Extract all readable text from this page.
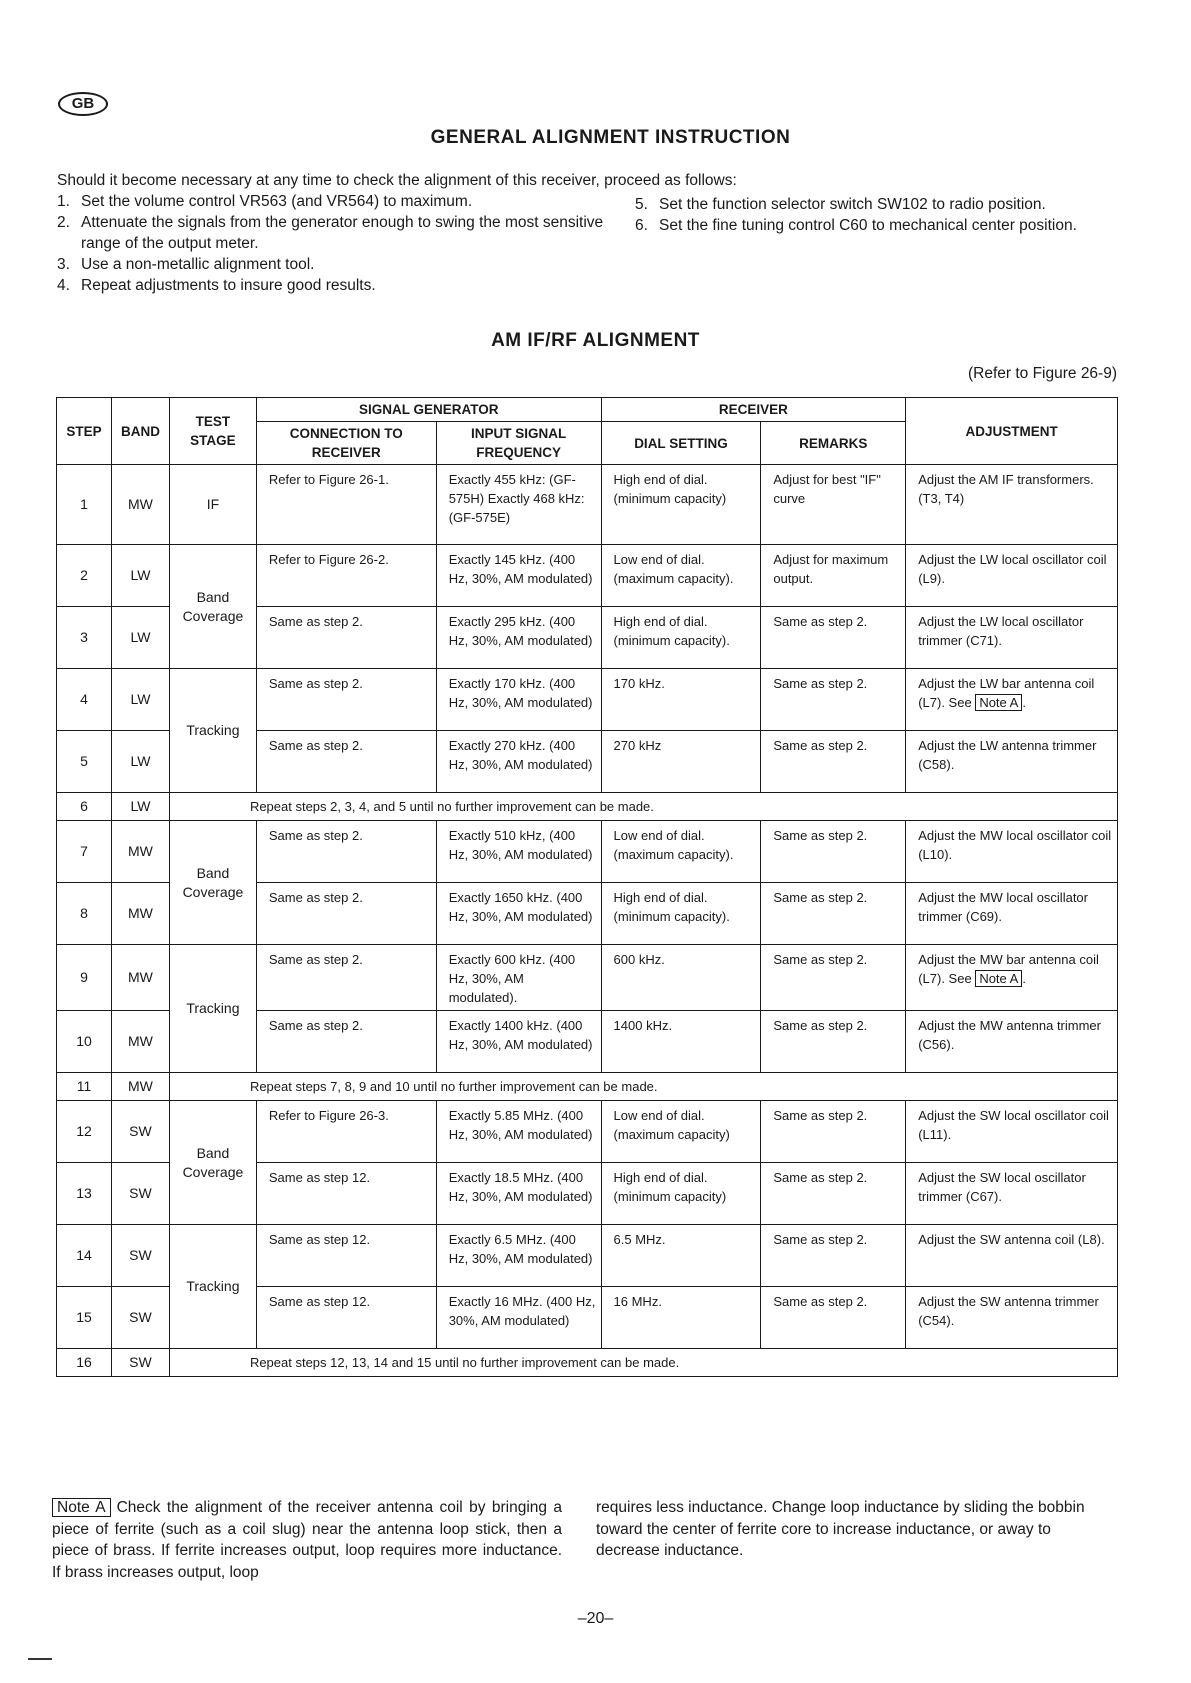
GB
GENERAL ALIGNMENT INSTRUCTION
Should it become necessary at any time to check the alignment of this receiver, proceed as follows:
1. Set the volume control VR563 (and VR564) to maximum.
2. Attenuate the signals from the generator enough to swing the most sensitive range of the output meter.
3. Use a non-metallic alignment tool.
4. Repeat adjustments to insure good results.
5. Set the function selector switch SW102 to radio position.
6. Set the fine tuning control C60 to mechanical center position.
AM IF/RF ALIGNMENT
(Refer to Figure 26-9)
STEP	BAND	TEST STAGE	SIGNAL GENERATOR		RECEIVER		ADJUSTMENT
			CONNECTION TO RECEIVER	INPUT SIGNAL FREQUENCY	DIAL SETTING	REMARKS	
1	MW	IF	Refer to Figure 26-1.	Exactly 455 kHz: (GF-575H) Exactly 468 kHz: (GF-575E)	High end of dial. (minimum capacity)	Adjust for best "IF" curve	Adjust the AM IF transformers. (T3, T4)
2	LW	Band Coverage	Refer to Figure 26-2.	Exactly 145 kHz. (400 Hz, 30%, AM modulated)	Low end of dial. (maximum capacity).	Adjust for maximum output.	Adjust the LW local oscillator coil (L9).
3	LW		Same as step 2.	Exactly 295 kHz. (400 Hz, 30%, AM modulated)	High end of dial. (minimum capacity).	Same as step 2.	Adjust the LW local oscillator trimmer (C71).
4	LW	Tracking	Same as step 2.	Exactly 170 kHz. (400 Hz, 30%, AM modulated)	170 kHz.	Same as step 2.	Adjust the LW bar antenna coil (L7). See Note A .
5	LW		Same as step 2.	Exactly 270 kHz. (400 Hz, 30%, AM modulated)	270 kHz	Same as step 2.	Adjust the LW antenna trimmer (C58).
6	LW	Repeat steps 2, 3, 4, and 5 until no further improvement can be made.					
7	MW	Band Coverage	Same as step 2.	Exactly 510 kHz, (400 Hz, 30%, AM modulated)	Low end of dial. (maximum capacity).	Same as step 2.	Adjust the MW local oscillator coil (L10).
8	MW		Same as step 2.	Exactly 1650 kHz. (400 Hz, 30%, AM modulated)	High end of dial. (minimum capacity).	Same as step 2.	Adjust the MW local oscillator trimmer (C69).
9	MW	Tracking	Same as step 2.	Exactly 600 kHz. (400 Hz, 30%, AM modulated).	600 kHz.	Same as step 2.	Adjust the MW bar antenna coil (L7). See Note A .
10	MW		Same as step 2.	Exactly 1400 kHz. (400 Hz, 30%, AM modulated)	1400 kHz.	Same as step 2.	Adjust the MW antenna trimmer (C56).
11	MW	Repeat steps 7, 8, 9 and 10 until no further improvement can be made.					
12	SW	Band Coverage	Refer to Figure 26-3.	Exactly 5.85 MHz. (400 Hz, 30%, AM modulated)	Low end of dial. (maximum capacity)	Same as step 2.	Adjust the SW local oscillator coil (L11).
13	SW		Same as step 12.	Exactly 18.5 MHz. (400 Hz, 30%, AM modulated)	High end of dial. (minimum capacity)	Same as step 2.	Adjust the SW local oscillator trimmer (C67).
14	SW	Tracking	Same as step 12.	Exactly 6.5 MHz. (400 Hz, 30%, AM modulated)	6.5 MHz.	Same as step 2.	Adjust the SW antenna coil (L8).
15	SW		Same as step 12.	Exactly 16 MHz. (400 Hz, 30%, AM modulated)	16 MHz.	Same as step 2.	Adjust the SW antenna trimmer (C54).
16	SW	Repeat steps 12, 13, 14 and 15 until no further improvement can be made.					
Note A Check the alignment of the receiver antenna coil by bringing a piece of ferrite (such as a coil slug) near the antenna loop stick, then a piece of brass. If ferrite increases output, loop requires more inductance. If brass increases output, loop
requires less inductance. Change loop inductance by sliding the bobbin toward the center of ferrite core to increase inductance, or away to decrease inductance.
–20–
